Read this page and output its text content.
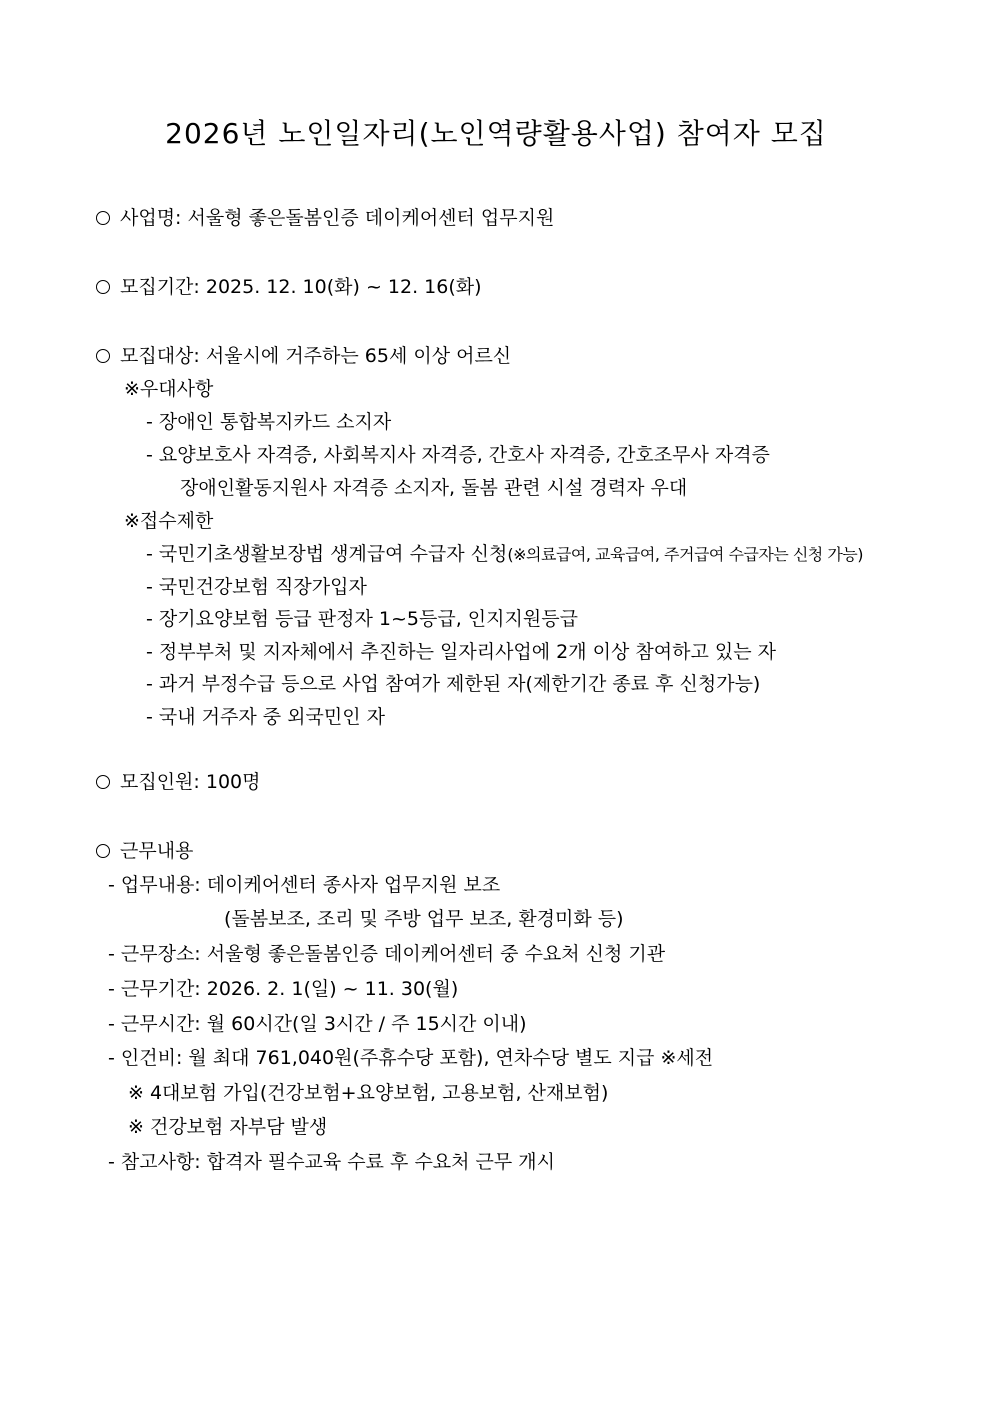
2026년 노인일자리(노인역량활용사업) 참여자 모집
사업명: 서울형 좋은돌봄인증 데이케어센터 업무지원
모집기간: 2025. 12. 10(화) ~ 12. 16(화)
모집대상: 서울시에 거주하는 65세 이상 어르신
※우대사항
- 장애인 통합복지카드 소지자
- 요양보호사 자격증, 사회복지사 자격증, 간호사 자격증, 간호조무사 자격증
장애인활동지원사 자격증 소지자, 돌봄 관련 시설 경력자 우대
※접수제한
- 국민기초생활보장법 생계급여 수급자 신청(※의료급여, 교육급여, 주거급여 수급자는 신청 가능)
- 국민건강보험 직장가입자
- 장기요양보험 등급 판정자 1~5등급, 인지지원등급
- 정부부처 및 지자체에서 추진하는 일자리사업에 2개 이상 참여하고 있는 자
- 과거 부정수급 등으로 사업 참여가 제한된 자(제한기간 종료 후 신청가능)
- 국내 거주자 중 외국민인 자
모집인원: 100명
근무내용
- 업무내용: 데이케어센터 종사자 업무지원 보조
(돌봄보조, 조리 및 주방 업무 보조, 환경미화 등)
- 근무장소: 서울형 좋은돌봄인증 데이케어센터 중 수요처 신청 기관
- 근무기간: 2026. 2. 1(일) ~ 11. 30(월)
- 근무시간: 월 60시간(일 3시간 / 주 15시간 이내)
- 인건비: 월 최대 761,040원(주휴수당 포함), 연차수당 별도 지급 ※세전
※ 4대보험 가입(건강보험+요양보험, 고용보험, 산재보험)
※ 건강보험 자부담 발생
- 참고사항: 합격자 필수교육 수료 후 수요처 근무 개시
